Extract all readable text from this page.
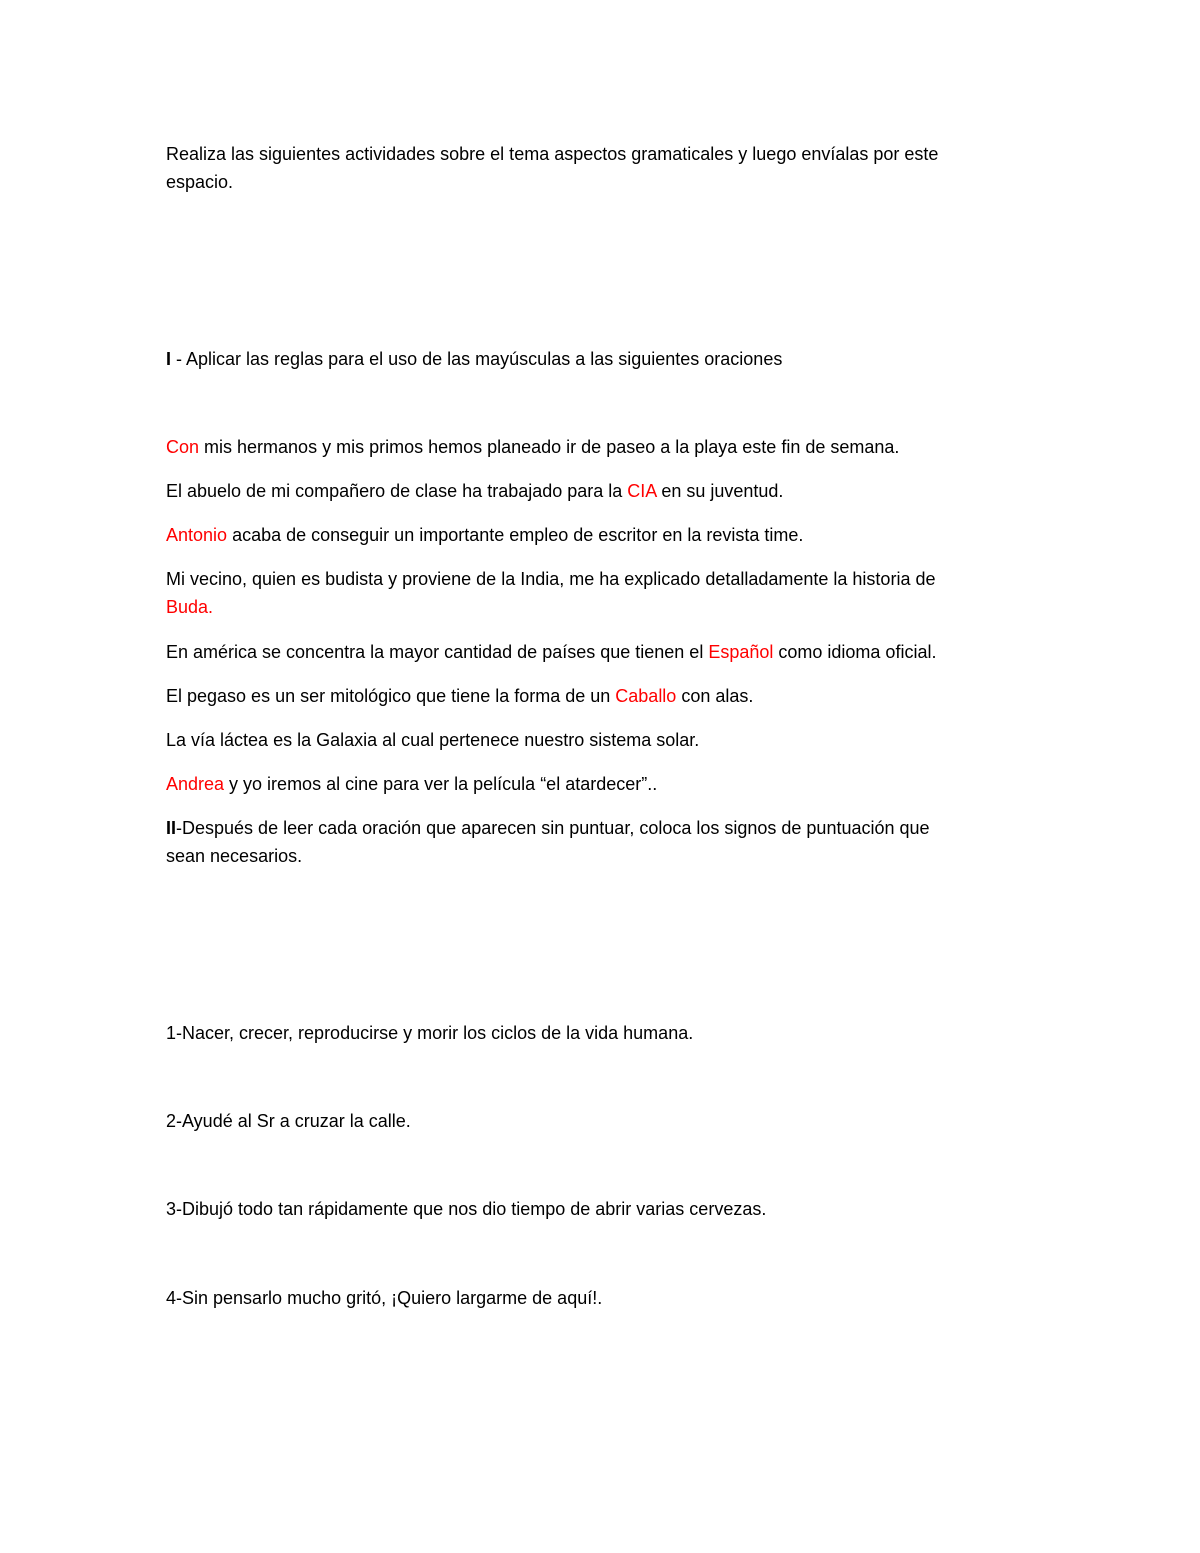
Realiza las siguientes actividades sobre el tema aspectos gramaticales y luego envíalas por este
espacio.
I - Aplicar las reglas para el uso de las mayúsculas a las siguientes oraciones
Con mis hermanos y mis primos hemos planeado ir de paseo a la playa este fin de semana.
El abuelo de mi compañero de clase ha trabajado para la CIA en su juventud.
Antonio acaba de conseguir un importante empleo de escritor en la revista time.
Mi vecino, quien es budista y proviene de la India, me ha explicado detalladamente la historia de
Buda.
En américa se concentra la mayor cantidad de países que tienen el Español como idioma oficial.
El pegaso es un ser mitológico que tiene la forma de un Caballo con alas.
La vía láctea es la Galaxia al cual pertenece nuestro sistema solar.
Andrea y yo iremos al cine para ver la película “el atardecer”..
II-Después de leer cada oración que aparecen sin puntuar, coloca los signos de puntuación que
sean necesarios.
1-Nacer, crecer, reproducirse y morir los ciclos de la vida humana.
2-Ayudé al Sr a cruzar la calle.
3-Dibujó todo tan rápidamente que nos dio tiempo de abrir varias cervezas.
4-Sin pensarlo mucho gritó, ¡Quiero largarme de aquí!.
